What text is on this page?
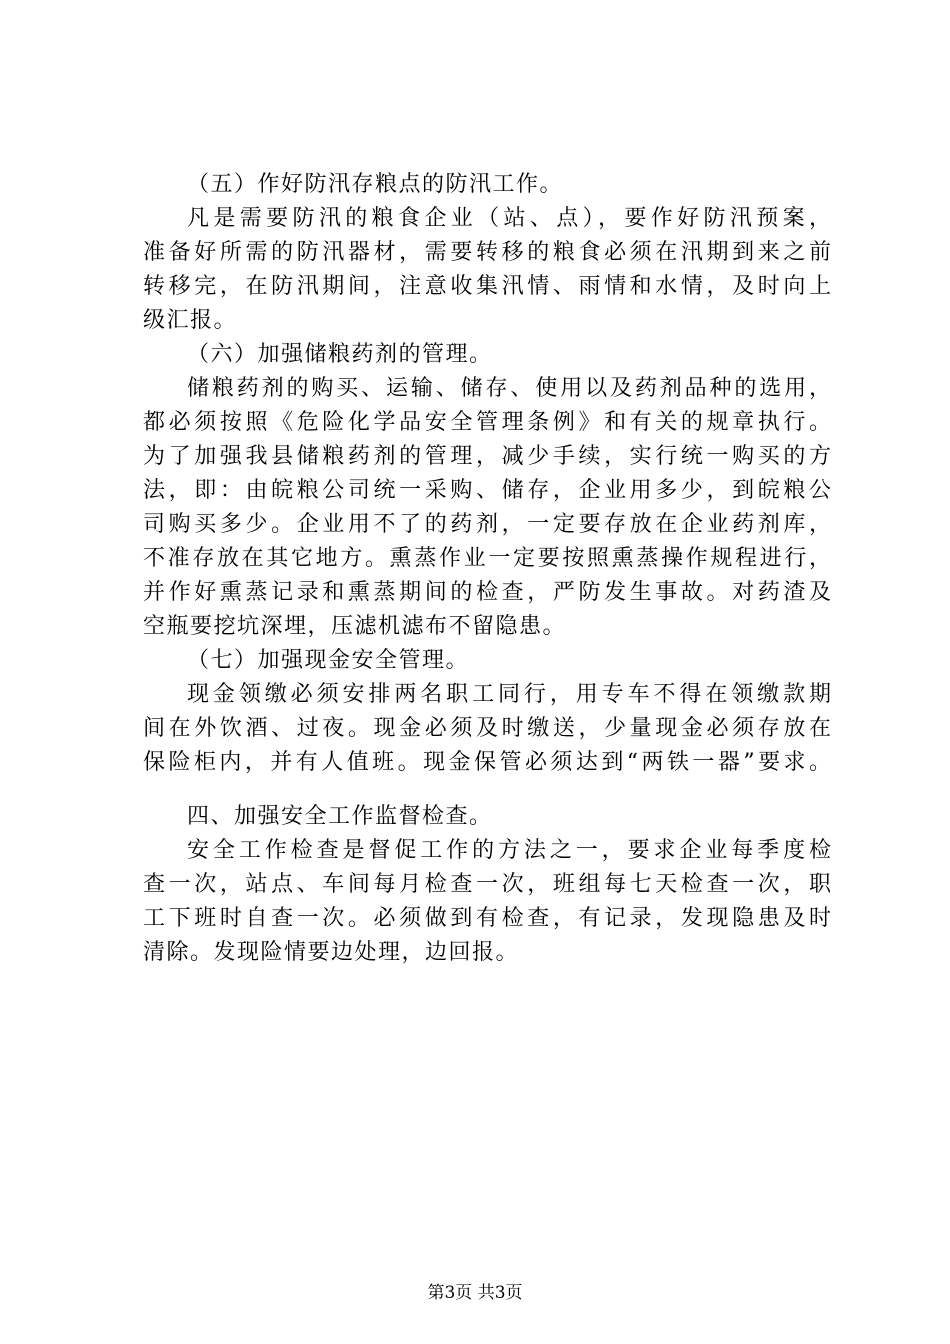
（五）作好防汛存粮点的防汛工作。
凡是需要防汛的粮食企业（站、点），要作好防汛预案，
准备好所需的防汛器材，需要转移的粮食必须在汛期到来之前
转移完，在防汛期间，注意收集汛情、雨情和水情，及时向上
级汇报。
（六）加强储粮药剂的管理。
储粮药剂的购买、运输、储存、使用以及药剂品种的选用，
都必须按照《危险化学品安全管理条例》和有关的规章执行。
为了加强我县储粮药剂的管理，减少手续，实行统一购买的方
法，即：由皖粮公司统一采购、储存，企业用多少，到皖粮公
司购买多少。企业用不了的药剂，一定要存放在企业药剂库，
不准存放在其它地方。熏蒸作业一定要按照熏蒸操作规程进行，
并作好熏蒸记录和熏蒸期间的检查，严防发生事故。对药渣及
空瓶要挖坑深埋，压滤机滤布不留隐患。
（七）加强现金安全管理。
现金领缴必须安排两名职工同行，用专车不得在领缴款期
间在外饮酒、过夜。现金必须及时缴送，少量现金必须存放在
保险柜内，并有人值班。现金保管必须达到“两铁一器”要求。
四、加强安全工作监督检查。
安全工作检查是督促工作的方法之一，要求企业每季度检
查一次，站点、车间每月检查一次，班组每七天检查一次，职
工下班时自查一次。必须做到有检查，有记录，发现隐患及时
清除。发现险情要边处理，边回报。
第3页 共3页
